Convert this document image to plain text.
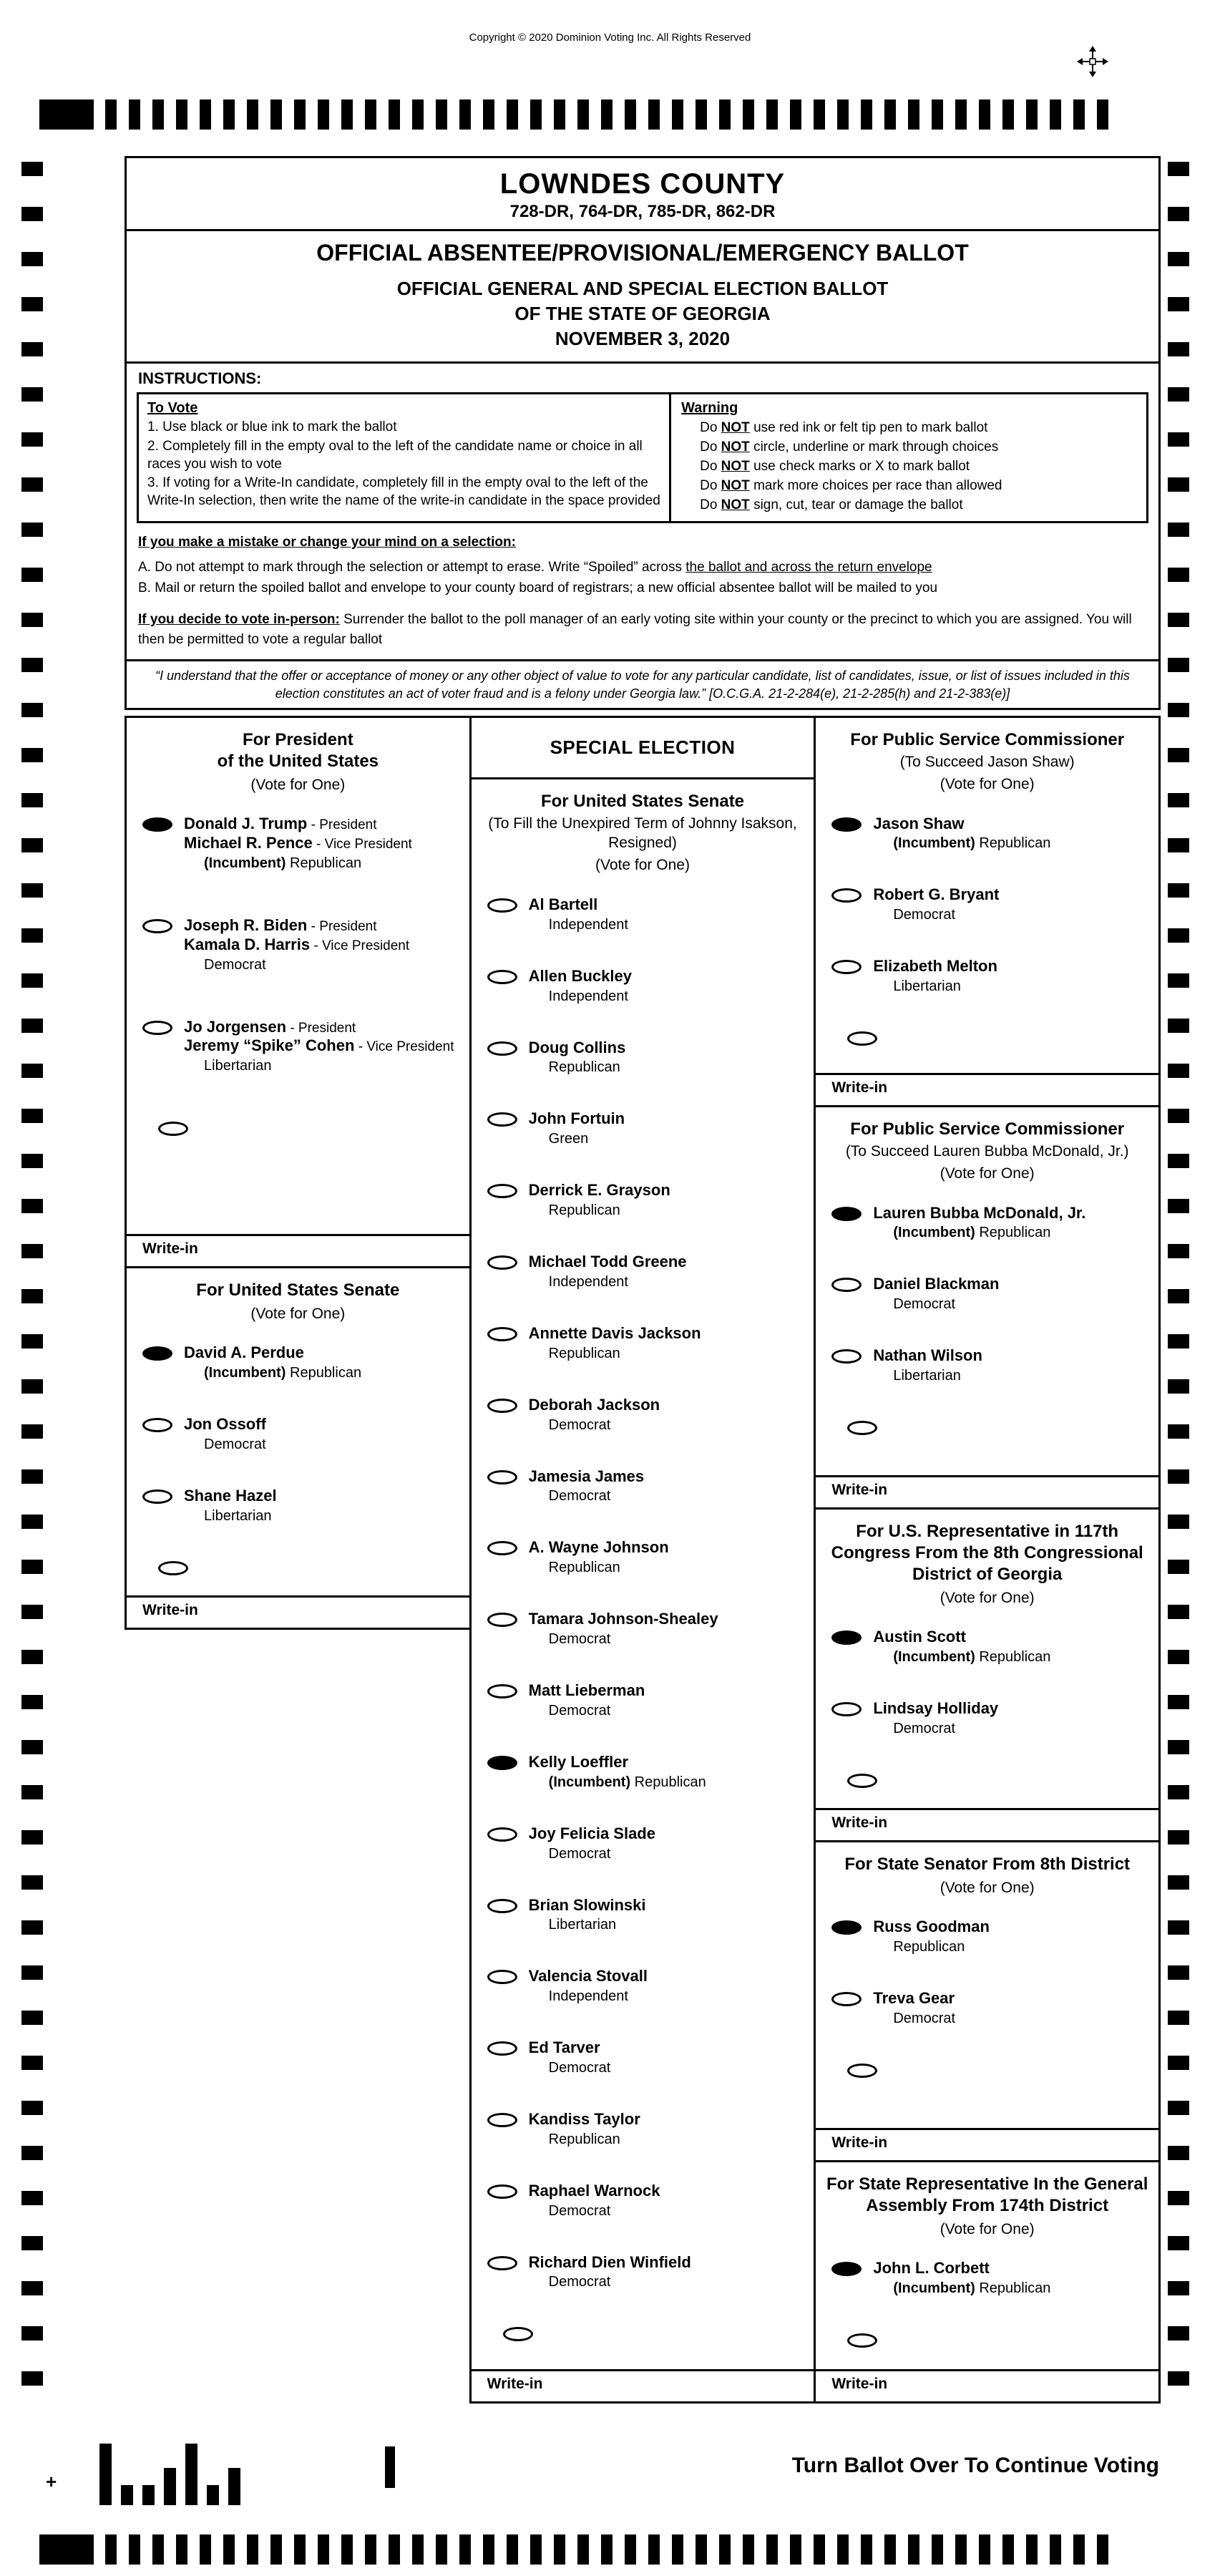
Copyright © 2020 Dominion Voting Inc. All Rights Reserved
+
Turn Ballot Over To Continue Voting
LOWNDES COUNTY
728-DR, 764-DR, 785-DR, 862-DR
OFFICIAL ABSENTEE/PROVISIONAL/EMERGENCY BALLOT
OFFICIAL GENERAL AND SPECIAL ELECTION BALLOT
OF THE STATE OF GEORGIA
NOVEMBER 3, 2020
INSTRUCTIONS:
To Vote
1. Use black or blue ink to mark the ballot
2. Completely fill in the empty oval to the left of the candidate name or choice in all races you wish to vote
3. If voting for a Write-In candidate, completely fill in the empty oval to the left of the Write-In selection, then write the name of the write-in candidate in the space provided
Warning
Do NOT use red ink or felt tip pen to mark ballot
Do NOT circle, underline or mark through choices
Do NOT use check marks or X to mark ballot
Do NOT mark more choices per race than allowed
Do NOT sign, cut, tear or damage the ballot
If you make a mistake or change your mind on a selection:
A. Do not attempt to mark through the selection or attempt to erase. Write “Spoiled” across the ballot and across the return envelope
B. Mail or return the spoiled ballot and envelope to your county board of registrars; a new official absentee ballot will be mailed to you
If you decide to vote in-person: Surrender the ballot to the poll manager of an early voting site within your county or the precinct to which you are assigned. You will then be permitted to vote a regular ballot
“I understand that the offer or acceptance of money or any other object of value to vote for any particular candidate, list of candidates, issue, or list of issues included in this election constitutes an act of voter fraud and is a felony under Georgia law.” [O.C.G.A. 21-2-284(e), 21-2-285(h) and 21-2-383(e)]
For President
of the United States
(Vote for One)
Donald J. Trump - President
Michael R. Pence - Vice President
(Incumbent) Republican
Joseph R. Biden - President
Kamala D. Harris - Vice President
Democrat
Jo Jorgensen - President
Jeremy “Spike” Cohen - Vice President
Libertarian
Write-in
For United States Senate
(Vote for One)
David A. Perdue
(Incumbent) Republican
Jon Ossoff
Democrat
Shane Hazel
Libertarian
Write-in
SPECIAL ELECTION
For United States Senate
(To Fill the Unexpired Term of Johnny Isakson, Resigned)
(Vote for One)
Al Bartell
Independent
Allen Buckley
Independent
Doug Collins
Republican
John Fortuin
Green
Derrick E. Grayson
Republican
Michael Todd Greene
Independent
Annette Davis Jackson
Republican
Deborah Jackson
Democrat
Jamesia James
Democrat
A. Wayne Johnson
Republican
Tamara Johnson-Shealey
Democrat
Matt Lieberman
Democrat
Kelly Loeffler
(Incumbent) Republican
Joy Felicia Slade
Democrat
Brian Slowinski
Libertarian
Valencia Stovall
Independent
Ed Tarver
Democrat
Kandiss Taylor
Republican
Raphael Warnock
Democrat
Richard Dien Winfield
Democrat
Write-in
For Public Service Commissioner
(To Succeed Jason Shaw)
(Vote for One)
Jason Shaw
(Incumbent) Republican
Robert G. Bryant
Democrat
Elizabeth Melton
Libertarian
Write-in
For Public Service Commissioner
(To Succeed Lauren Bubba McDonald, Jr.)
(Vote for One)
Lauren Bubba McDonald, Jr.
(Incumbent) Republican
Daniel Blackman
Democrat
Nathan Wilson
Libertarian
Write-in
For U.S. Representative in 117th Congress From the 8th Congressional District of Georgia
(Vote for One)
Austin Scott
(Incumbent) Republican
Lindsay Holliday
Democrat
Write-in
For State Senator From 8th District
(Vote for One)
Russ Goodman
Republican
Treva Gear
Democrat
Write-in
For State Representative In the General Assembly From 174th District
(Vote for One)
John L. Corbett
(Incumbent) Republican
Write-in
